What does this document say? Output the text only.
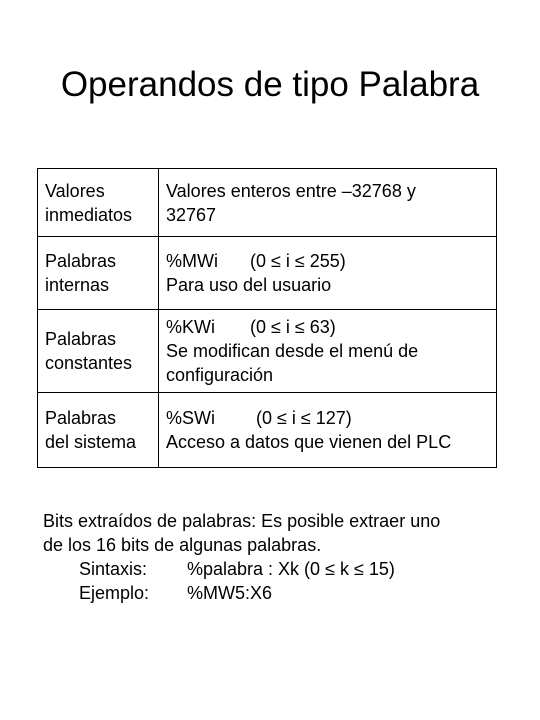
Operandos de tipo Palabra
Valores
inmediatos	Valores enteros entre –32768 y
32767

Palabras
internas	%MWi (0 ≤ i ≤ 255)
Para uso del usuario

Palabras
constantes	%KWi (0 ≤ i ≤ 63)
Se modifican desde el menú de
configuración

Palabras
del sistema	%SWi (0 ≤ i ≤ 127)
Acceso a datos que vienen del PLC
Bits extraídos de palabras: Es posible extraer uno
de los 16 bits de algunas palabras.
Sintaxis: %palabra : Xk (0 ≤ k ≤ 15)
Ejemplo: %MW5:X6
